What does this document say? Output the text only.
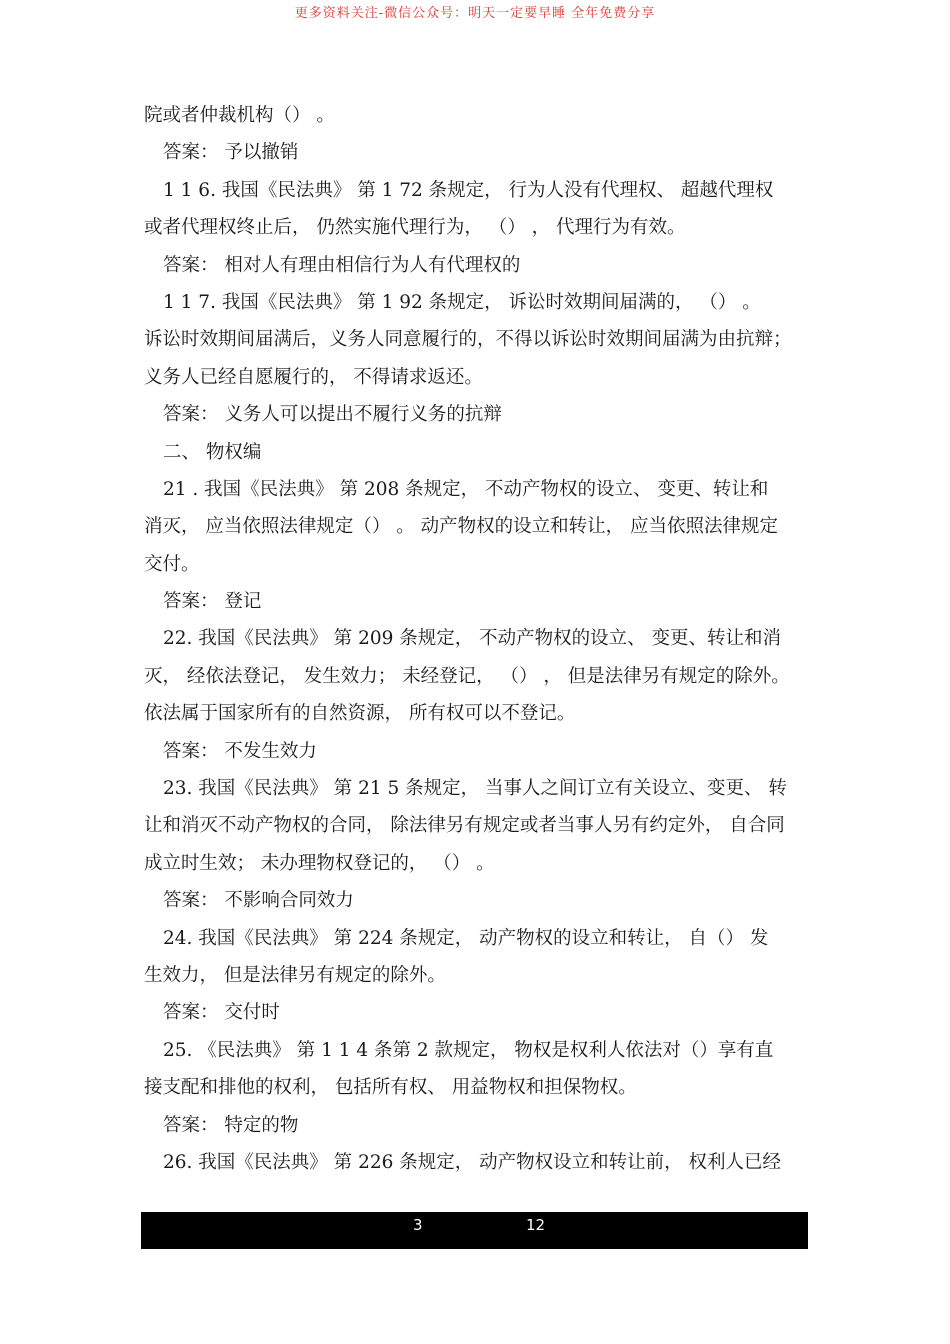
更多资料关注-微信公众号：明天一定要早睡 全年免费分享
院或者仲裁机构（） 。
答案： 予以撤销
1 1 6. 我国《民法典》 第 1 72 条规定， 行为人没有代理权、 超越代理权
或者代理权终止后， 仍然实施代理行为， （） ， 代理行为有效。
答案： 相对人有理由相信行为人有代理权的
1 1 7. 我国《民法典》 第 1 92 条规定， 诉讼时效期间届满的， （） 。
诉讼时效期间届满后，义务人同意履行的，不得以诉讼时效期间届满为由抗辩；
义务人已经自愿履行的， 不得请求返还。
答案： 义务人可以提出不履行义务的抗辩
二、 物权编
21 . 我国《民法典》 第 208 条规定， 不动产物权的设立、 变更、转让和
消灭， 应当依照法律规定（） 。 动产物权的设立和转让， 应当依照法律规定
交付。
答案： 登记
22. 我国《民法典》 第 209 条规定， 不动产物权的设立、 变更、转让和消
灭， 经依法登记， 发生效力； 未经登记， （） ， 但是法律另有规定的除外。
依法属于国家所有的自然资源， 所有权可以不登记。
答案： 不发生效力
23. 我国《民法典》 第 21 5 条规定， 当事人之间订立有关设立、变更、 转
让和消灭不动产物权的合同， 除法律另有规定或者当事人另有约定外， 自合同
成立时生效； 未办理物权登记的， （） 。
答案： 不影响合同效力
24. 我国《民法典》 第 224 条规定， 动产物权的设立和转让， 自（） 发
生效力， 但是法律另有规定的除外。
答案： 交付时
25. 《民法典》 第 1 1 4 条第 2 款规定， 物权是权利人依法对（）享有直
接支配和排他的权利， 包括所有权、 用益物权和担保物权。
答案： 特定的物
26. 我国《民法典》 第 226 条规定， 动产物权设立和转让前， 权利人已经
3	12
